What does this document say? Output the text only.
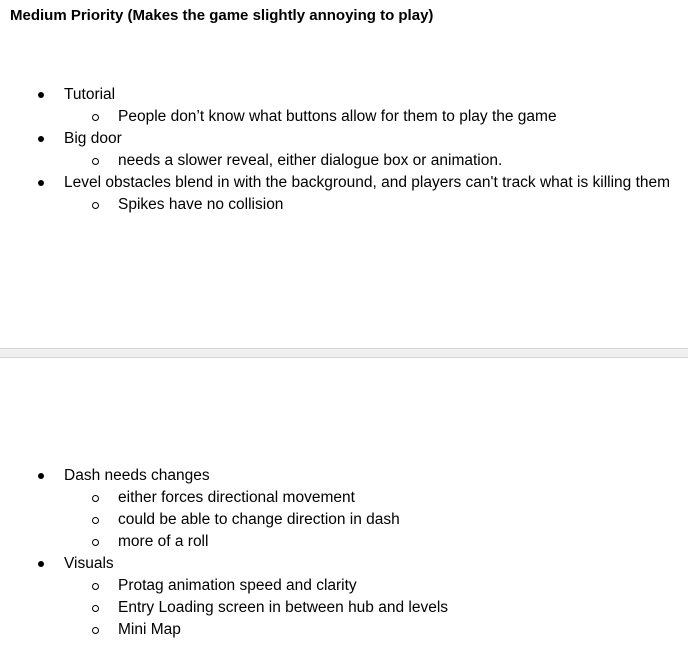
Medium Priority (Makes the game slightly annoying to play)
Tutorial
People don’t know what buttons allow for them to play the game
Big door
needs a slower reveal, either dialogue box or animation.
Level obstacles blend in with the background, and players can't track what is killing them
Spikes have no collision
Dash needs changes
either forces directional movement
could be able to change direction in dash
more of a roll
Visuals
Protag animation speed and clarity
Entry Loading screen in between hub and levels
Mini Map
